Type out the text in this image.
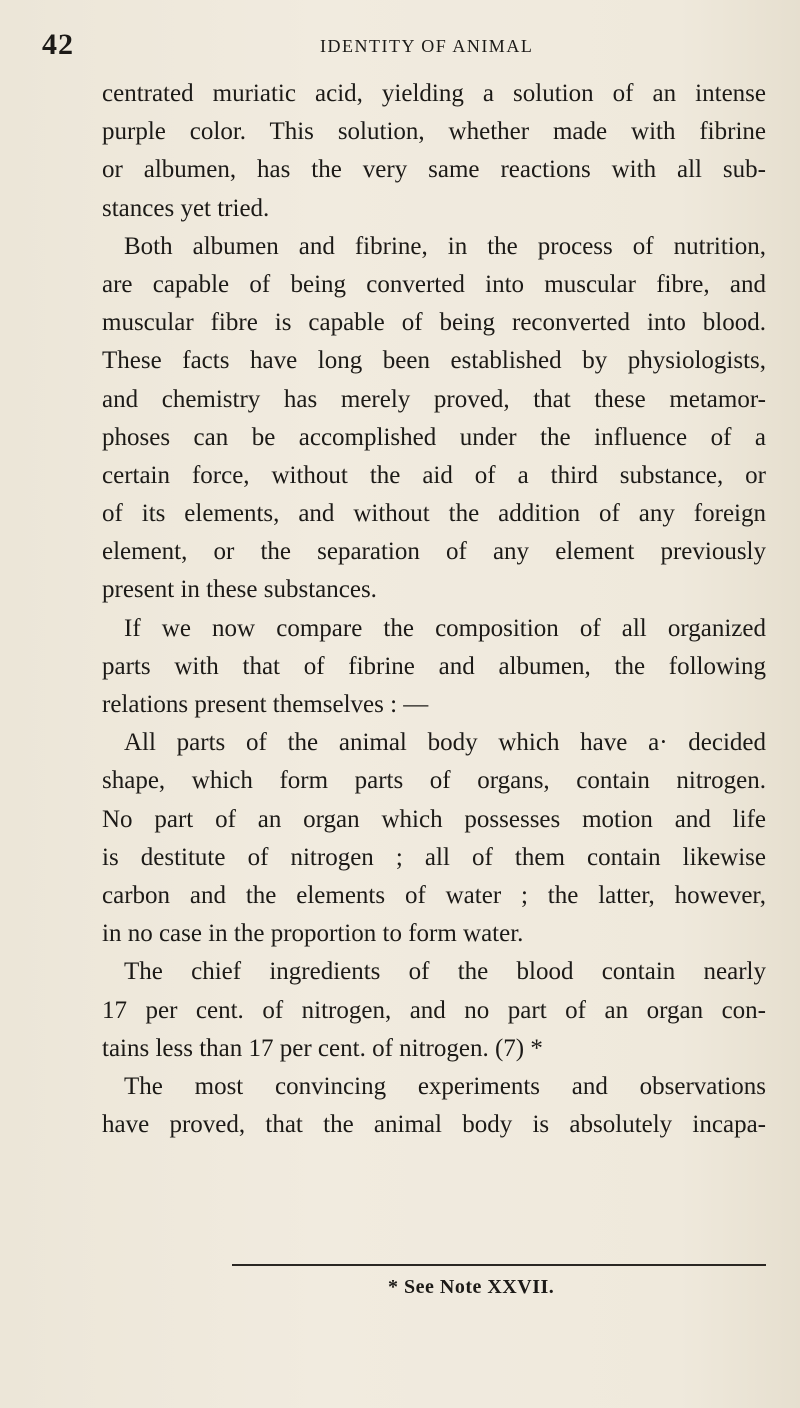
42	IDENTITY OF ANIMAL
centrated muriatic acid, yielding a solution of an intense
purple color. This solution, whether made with fibrine
or albumen, has the very same reactions with all sub-
stances yet tried.
Both albumen and fibrine, in the process of nutrition,
are capable of being converted into muscular fibre, and
muscular fibre is capable of being reconverted into blood.
These facts have long been established by physiologists,
and chemistry has merely proved, that these metamor-
phoses can be accomplished under the influence of a
certain force, without the aid of a third substance, or
of its elements, and without the addition of any foreign
element, or the separation of any element previously
present in these substances.
If we now compare the composition of all organized
parts with that of fibrine and albumen, the following
relations present themselves : —
All parts of the animal body which have a· decided
shape, which form parts of organs, contain nitrogen.
No part of an organ which possesses motion and life
is destitute of nitrogen ; all of them contain likewise
carbon and the elements of water ; the latter, however,
in no case in the proportion to form water.
The chief ingredients of the blood contain nearly
17 per cent. of nitrogen, and no part of an organ con-
tains less than 17 per cent. of nitrogen. (7) *
The most convincing experiments and observations
have proved, that the animal body is absolutely incapa-
* See Note XXVII.
